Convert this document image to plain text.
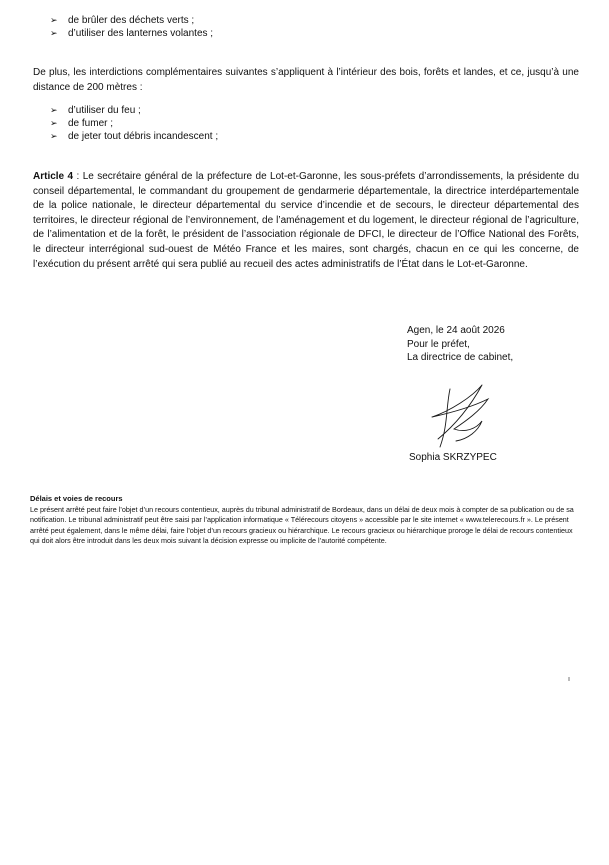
➢	de brûler des déchets verts ;
➢	d’utiliser des lanternes volantes ;

De plus, les interdictions complémentaires suivantes s’appliquent à l’intérieur des bois, forêts et landes, et ce, jusqu’à une distance de 200 mètres :

➢	d’utiliser du feu ;
➢	de fumer ;
➢	de jeter tout débris incandescent ;

Article 4 : Le secrétaire général de la préfecture de Lot-et-Garonne, les sous-préfets d’arrondissements, la présidente du conseil départemental, le commandant du groupement de gendarmerie départementale, la directrice interdépartementale de la police nationale, le directeur départemental du service d’incendie et de secours, le directeur départemental des territoires, le directeur régional de l’environnement, de l’aménagement et du logement, le directeur régional de l’agriculture, de l’alimentation et de la forêt, le président de l’association régionale de DFCI, le directeur de l’Office National des Forêts, le directeur interrégional sud-ouest de Météo France et les maires, sont chargés, chacun en ce qui les concerne, de l’exécution du présent arrêté qui sera publié au recueil des actes administratifs de l’État dans le Lot-et-Garonne.

Agen, le 24 août 2026
Pour le préfet,
La directrice de cabinet,
Sophia SKRZYPEC
Délais et voies de recours

Le présent arrêté peut faire l’objet d’un recours contentieux, auprès du tribunal administratif de Bordeaux, dans un délai de deux mois à compter de sa publication ou de sa notification. Le tribunal administratif peut être saisi par l’application informatique « Télérecours citoyens » accessible par le site internet « www.telerecours.fr ». Le présent arrêté peut également, dans le même délai, faire l’objet d’un recours gracieux ou hiérarchique. Le recours gracieux ou hiérarchique proroge le délai de recours contentieux qui doit alors être introduit dans les deux mois suivant la décision expresse ou implicite de l’autorité compétente.
